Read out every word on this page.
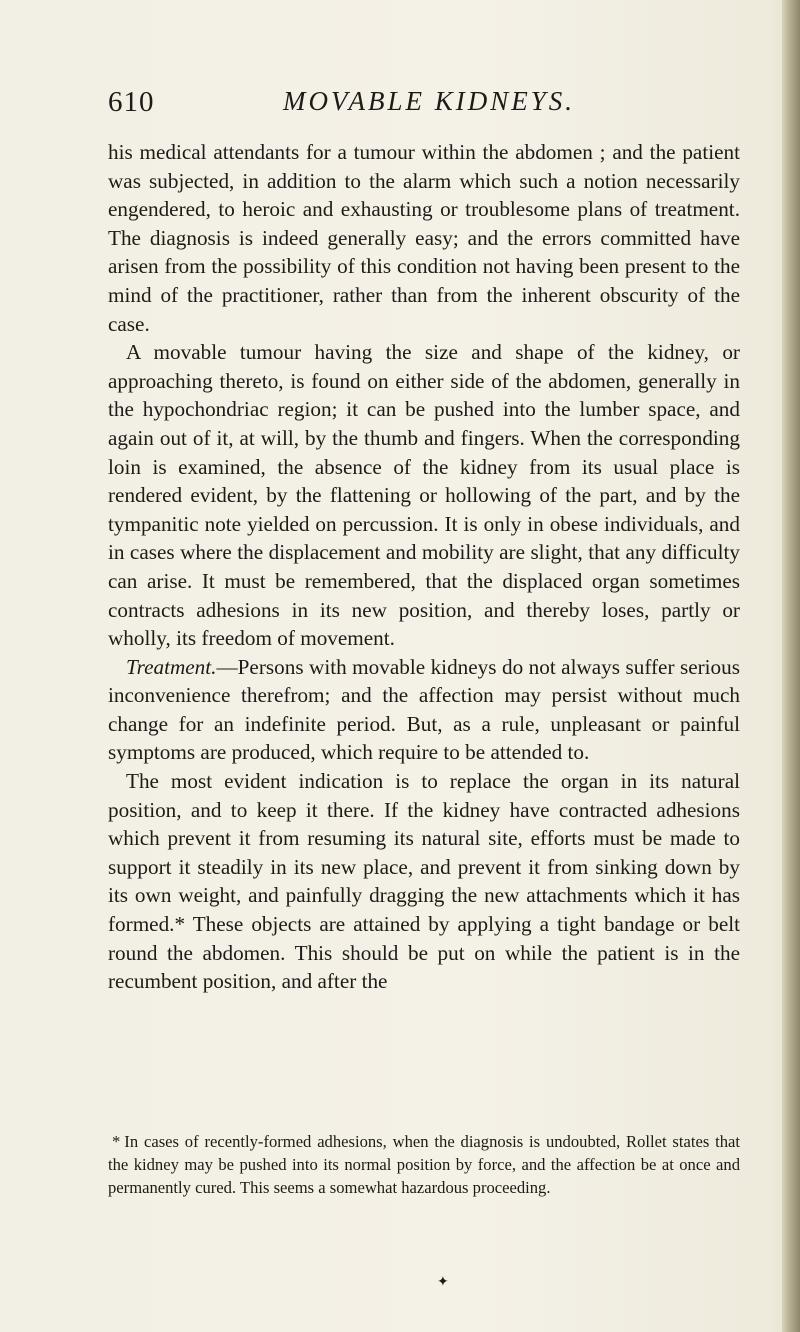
610	MOVABLE KIDNEYS.

his medical attendants for a tumour within the abdomen ; and the patient was subjected, in addition to the alarm which such a notion necessarily engendered, to heroic and exhausting or troublesome plans of treatment. The diagnosis is indeed generally easy; and the errors committed have arisen from the possibility of this condition not having been present to the mind of the practitioner, rather than from the inherent obscurity of the case.

A movable tumour having the size and shape of the kidney, or approaching thereto, is found on either side of the abdomen, generally in the hypochondriac region; it can be pushed into the lumber space, and again out of it, at will, by the thumb and fingers. When the corresponding loin is examined, the absence of the kidney from its usual place is rendered evident, by the flattening or hollowing of the part, and by the tympanitic note yielded on percussion. It is only in obese individuals, and in cases where the displacement and mobility are slight, that any difficulty can arise. It must be remembered, that the displaced organ sometimes contracts adhesions in its new position, and thereby loses, partly or wholly, its freedom of movement.

Treatment.—Persons with movable kidneys do not always suffer serious inconvenience therefrom; and the affection may persist without much change for an indefinite period. But, as a rule, unpleasant or painful symptoms are produced, which require to be attended to.

The most evident indication is to replace the organ in its natural position, and to keep it there. If the kidney have contracted adhesions which prevent it from resuming its natural site, efforts must be made to support it steadily in its new place, and prevent it from sinking down by its own weight, and painfully dragging the new attachments which it has formed.* These objects are attained by applying a tight bandage or belt round the abdomen. This should be put on while the patient is in the recumbent position, and after the

* In cases of recently-formed adhesions, when the diagnosis is undoubted, Rollet states that the kidney may be pushed into its normal position by force, and the affection be at once and permanently cured. This seems a somewhat hazardous proceeding.
✦
